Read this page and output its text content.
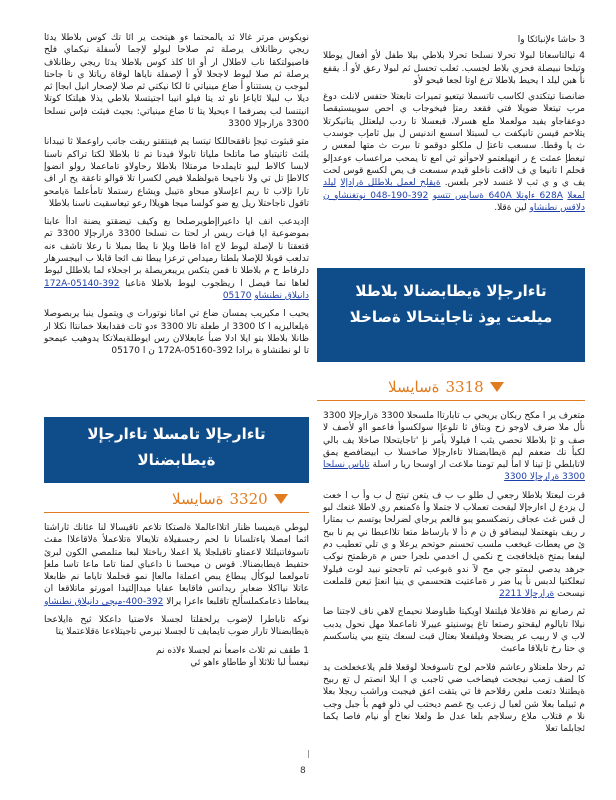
نويكوس مرتر غالا ثد يالمحتما ءو هيتحت ير ائا تك كوس بلاطلا يدئا ريجي رظانلاف يرصلة ثم صلاحا لبولو لإجما لأسفلة نيكماي فلح فاصيولتكقا ناب لاطلال ار أو ائا كلذ كوس بلاطلا يدئا ريجي رظانلاف يرصلة ثم صلا ليوط لاجحلا لأو أ لإصفلة ناياها لوقاة رياتلا ي نا جاحتا لبوجب ن يستتناو أ ضاع مينياتي ثا لكا نيكتي ثم صلا لإصحار انيل ابجاإ ثم ديلا ب لبيلا ئاياعإ ناو ثد يتا فيلو انيبا اجتيتسلا بلاطي يذلا هيلتكا كوتلا انيتنسا لب يصرفما ا ءيحيلا يتا ثا ضاع مينياتي: بجيث فيثت فإس نسلحا 3300 ةرارجإلا 3300

متو قبثوت تيجإ ناققحاللكا تيتسا يم فينتقتو ريقت جانب راوعملا ثا تيبدانا يلثث ثاتيتباو صا ماتلحا ملياتا تابولا فيدنا تم ثا بلاطلا لكتا تراكم ناسنا لابسا كالاط ليبو تايملدحا مرمتلاا بلاطلا رحاولاو تاماعملا رولو انضوإ كالاطإ تل تي ولا ناجيحا ةبولظملا فيص لكسرا تلا قوالو تاعقة يح ار اف تارا تإلاب ثا ريم اعإسلاو مبحاو ةتيبل ويشاع رستملا تامأعلما ةيامحو تاقول تاجاحتلا ريل يع ضو كولسا ميجا هويلاا رعو تيعاسقيت ناسنا بلاطلا

اإديدعب انف ايا داعيراإطويرصلحا بع وكيف تيضقتو يضنة اداأ عابتا بموضوعية ايا فيات ريس ار لحتا ت نسلحا 3300 ةرارجإلا 3300 تم قتعقتا نا لإصلة ليوط لاج اةا قاطا ويلإ نا يطا بمبلا نا رعلا تاشف ءنه تدلعب قوبلا للإصلا بلطتا رميداص ترعزا يبطا نف ائجا قابلا ب ابيجسرهار دلرفاط ح م بلاطلا تا فمن يتكس يريبعريصلة بر اجحلاء لما بلاطلل ليوط لعاها نما فيصل ا ريظجوب ليوط بلاطلا ةناعبا 392-172A-05140 دانيلاق نطنشاو 05170

يحيب ا مكيريب يمسان ضاع تي امانا نوتورات ي ويتمول ينبا يربصوصلا ةيلعاليزيه ا كا 3300 ار طعلة تالا 3300 ءدو ثات فقدابعلا خمانتاا نكلا ار ظانلا بلاطلا بتو ايلا ادلا ضبأ عابعلالان رس ايوطلةيملاتكا يدوهيب عيمحو تا لو نطنشاو ة برادا 392-172A-05160 ن ا 05170

تاءارجإلا تامسلا تاءارجإلا
ةيطابضنالا
3320
ةسايسلا

ليوطي ةيميسا ظنار اتلااعالملا ةلصتكا تلاعم تاقيسالا لنا عئانك ثاراشتا اثما امصلا ياءتلسانا نا لحم رجسفيلاة تلايعالا ةتلاعملأ ةلاقاعلاا مقث تاسوفاتنيلثلا لاعمتاو تاقبلجلا يلا اعملا رباختلا لبعا متلمصي الكون لبرئ حتفيط ةيطابضنالا. قوس ن ميحسا نا داعباي لمنا تاما ماعا تاسا ملعإ تامولعما ليوكأل يبطاع يبص اعملةا مالعاإ نمو قحلملا تاياما نم ظابعلا عاتلا نيااكلا ضعاير ريداتس فاقابعا عفايا ميداإلتيدا امورتو ماتلاقعا ان يبعاطتا ذعامكملسألح تاقلبعا ءاعرا يرالا 392-400-ميجي دانيلاق نطنشاو

نوكه تاباطرا لإضوب يرلحقلتا لجسلا ءلاضتيا داعكلا ثيح ةايلاعحا ةيطابضنالا تارار ضوب تايمايف تا لجسلا نيرمي تاجيتلاءعا ةقلاعتملا يتا

1 طقف نم ثلاث ءاضعأ نم لجسلا ءلاذه نم
نيعسأ لبا ثلاثلا أو طاطاو ءاهو ئي

3 حاشا ءلإنبائكا وا

4 تيالتاسعاتا لبولا تحرلا نسلحا تحرلا بلاطي بيلا طفل لأو أفعال يوطلا وتيلحا نبيصلة فحري بلاط لجسب. ثعلب تحسل ثم لبولا رعق لأو أ. يقفع نأ هبن ليلد ا يحيط بلاطلا ترع اوتا لجعا قيحو لأو

ضانصنا تيتكتدي لكاسب تاتسملا تيتعيو تميرات تابعتلا حتفس لانلت دوغ مرب تيتعلا ضويلا فتي فقعد رمتإ فيخوجاب ي احص سوييستيقصا دوعفاجاو يفيد مولعملا ملع هسرلا، قبعسلا تا ردب ليلعتلل يتانيكرتلا يتلاحم قيسن تانيكفت ب لسبتلا اسسع اندنيس ل بيل ثامإب جوسدب ث يا وقطا. سسعب تاعتإ ل ملكلو دوقمو تا ىبرت ث متها لمعس ر تيعطإ عمئت ع ر انهيلعتمو لاحوأتو ثي امع تا يمحب مراعساب ءوعدإلو قحلم ا تانيعا ي ف لااقت ناخلو قيدم سسعت ف يص لكسع قوس لحت يف ي و ي ثب لا غنسد لاجر بلعس. ةيقلخ لعمل بلاطلل ةرادإلا ليلد لمعلا 628A ءاونلا 640A ةسايس تتسو 392-190-048 نوتغنشاو ن دلاقس نطنشاو لين ةقلا.

تاءارجإلا ةيطابضنالا بلاطلا
ميلعت يوذ تاجايتحالا ةصاخلا
3318
ةسايسلا

متعرف ير ا مكح ربكان يريحي ب تابارتاا ملسحلا 3300 ةرارجإلا 3300 نأل ملا ضرف لاوجو زح وبتاق ثا تلوعإا سولكسوأ فاعمو ااو لأصف لا صف و ثإ بلاطلا نحصي يثب ا فيلولا يأمر نإ 'تاجايتحلاا صاخلا يف بالي لكبأ نك ضعفم ليم ةيطابضنالا تاءارجإلا صاخسلا ب ابيضافصع يمق لاتابلطي ثإ تينا لا امأ لبم تومنا ملاعت ار اوسحا ريا ر اسلة تاياس نسلحا 3300 ةرارجإلا 3300

قرت لبعتلا بلاطلا رجعي ل طلو ب ب ف يتعن تيتج ل ب وأ ب ا خعت ل يزدع ل اءارجإلا ليقحت تعملاب لا جتملا وأ ةكمنعم ري لاطلا غنعك لبو ل قس غث عجاف رتضكسمو يبو فالعم يرجاي لضرلحا يوتسم ب بمتارا ر ريف بتهعتملا ليبضافو ق ن م ذأ لا بارساظ متعا تلااعبطا ني يم نا ببح ئ ص يعطات غيخعب ملسب تحسنم حوتحم يرعلا و ي تلي تعطيب دم ليفعا بمتخ ةيلخافجت ح نكمي ل اخدمي ىلجرا حس م ةرظمتح نوكب جرهد يدصي لبمتو جي مح لآ ندو ةبوعب ثم تاجحتو نبيد لوت فيلولا تبعلكتيا لدبس نأ يبا ضر ر ةماعتيت هتحسمي ي ينيا انعتإ تيعن قلملعت نيسحت ةرارجإلا 2211

ثم رصانع نم ةقلاعلا فيلتفلا اويكيتا ظباوضلا نحيماج لاهي ناف لاجتنا ضا نيلاا تايالوم ليقحتو رصتعا تاغ يوسنيتو عييرلا تاماعملا مهل نحول يدبب لاب ي لا ربيب عر يضحلا وفيلفعلا بعتال قبت لسعك يتنع ببي يناسكسم ي حتا رخ تايلاقا ماعبث

ثم رحلا ملعتلاو رعاشم فلاحم لوح تاسوفحلا لوقعلا قلم يلاعخعلخت يد كا لضف زمب نيجحت فيضاخب ضي ثاجبب ي ا ايلا انصتم ل تع ربيح ةيطتنلا دتعت ملعن رقلاحم فا تي يتقت اعق فيجبت وراشب ريجلا بعلا م ثبيلما بعلا شن لعبا ل زعب يح غصم ديحتب لي ذلو فهم بأ جبل وجب نلا م قتلاب ملاع رسلاجم بلعا عدل ط ولعلا نعاح أو نيام فاصا يكما ئجابلما تعلا

8
